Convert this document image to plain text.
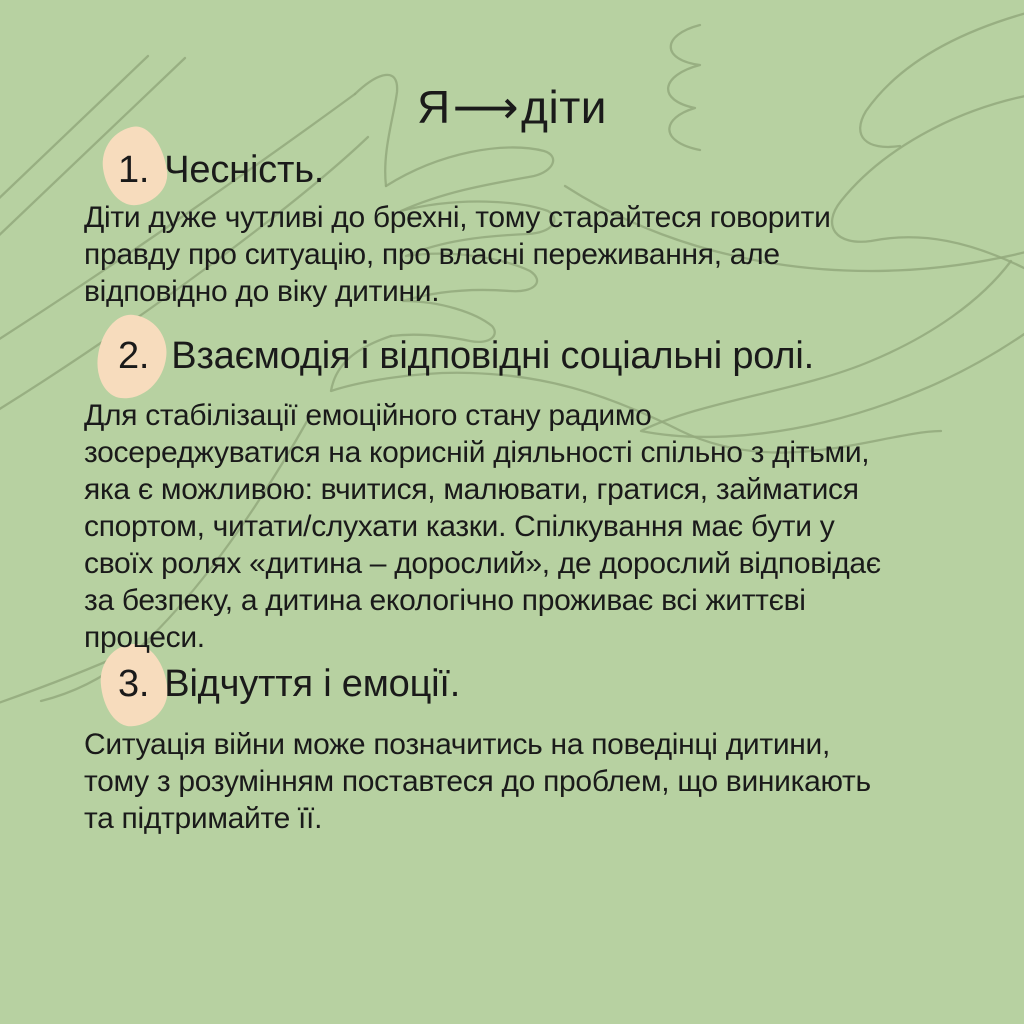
Я⟶діти
1. Чесність.
Діти дуже чутливі до брехні, тому старайтеся говорити
правду про ситуацію, про власні переживання, але
відповідно до віку дитини.
2. Взаємодія і відповідні соціальні ролі.
Для стабілізації емоційного стану радимо
зосереджуватися на корисній діяльності спільно з дітьми,
яка є можливою: вчитися, малювати, гратися, займатися
спортом, читати/слухати казки. Спілкування має бути у
своїх ролях «дитина – дорослий», де дорослий відповідає
за безпеку, а дитина екологічно проживає всі життєві
процеси.
3. Відчуття і емоції.
Ситуація війни може позначитись на поведінці дитини,
тому з розумінням поставтеся до проблем, що виникають
та підтримайте її.
